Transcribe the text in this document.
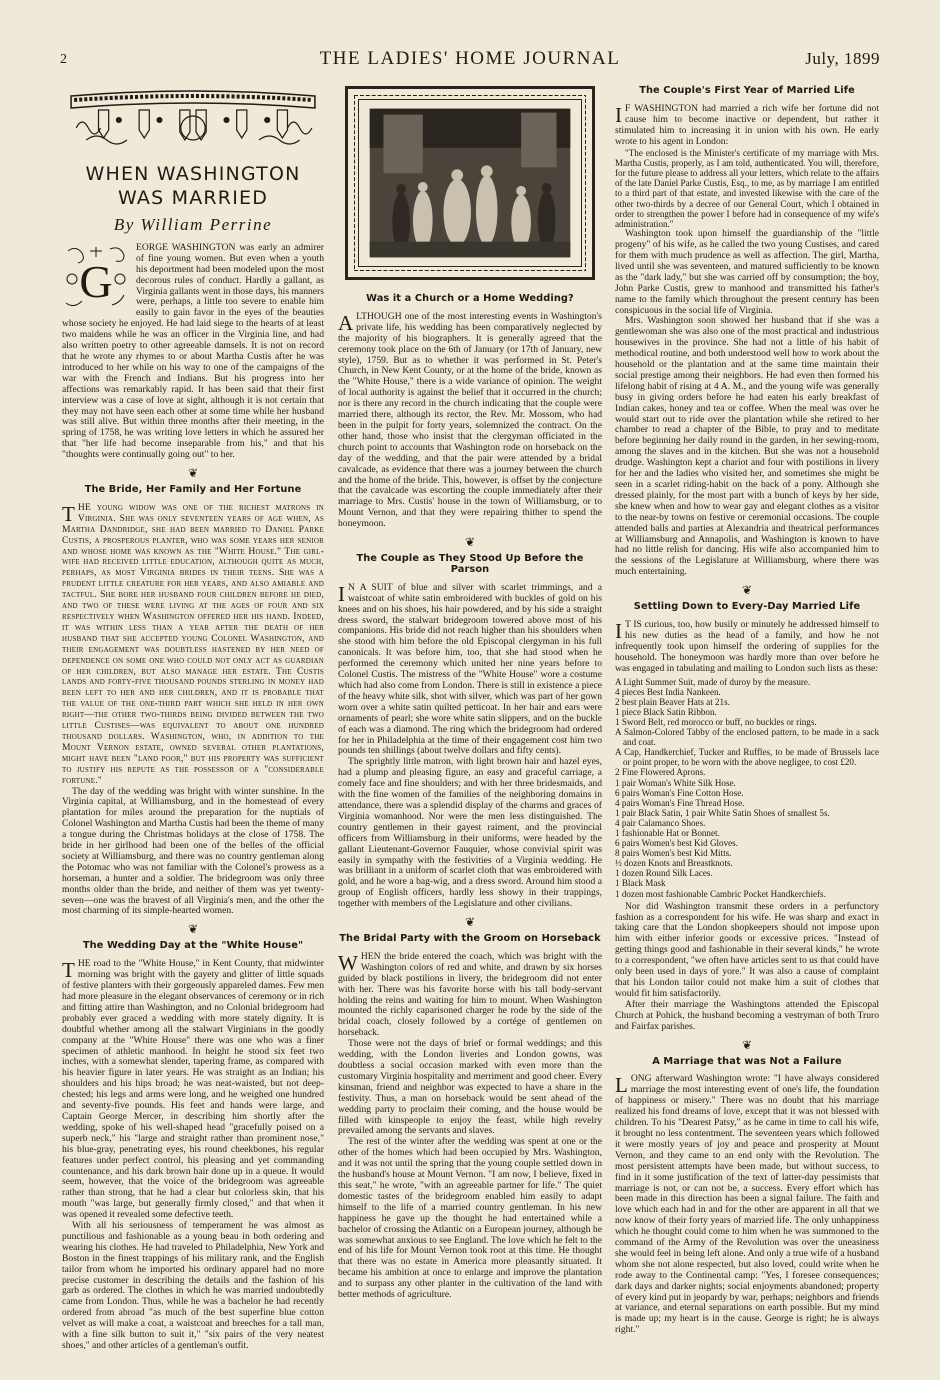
2	THE LADIES' HOME JOURNAL	July, 1899
WHEN WASHINGTON
WAS MARRIED
By William Perrine

G
EORGE WASHINGTON was early an admirer of fine young women. But even when a youth his deportment had been modeled upon the most decorous rules of conduct. Hardly a gallant, as Virginia gallants went in those days, his manners were, perhaps, a little too severe to enable him easily to gain favor in the eyes of the beauties whose society he enjoyed. He had laid siege to the hearts of at least two maidens while he was an officer in the Virginia line, and had also written poetry to other agreeable damsels. It is not on record that he wrote any rhymes to or about Martha Custis after he was introduced to her while on his way to one of the campaigns of the war with the French and Indians. But his progress into her affections was remarkably rapid. It has been said that their first interview was a case of love at sight, although it is not certain that they may not have seen each other at some time while her husband was still alive. But within three months after their meeting, in the spring of 1758, he was writing love letters in which he assured her that "her life had become inseparable from his," and that his "thoughts were continually going out" to her.

❦
The Bride, Her Family and Her Fortune

THE young widow was one of the richest matrons in Virginia. She was only seventeen years of age when, as Martha Dandridge, she had been married to Daniel Parke Custis, a prosperous planter, who was some years her senior and whose home was known as the "White House." The girl-wife had received little education, although quite as much, perhaps, as most Virginia brides in their teens. She was a prudent little creature for her years, and also amiable and tactful. She bore her husband four children before he died, and two of these were living at the ages of four and six respectively when Washington offered her his hand. Indeed, it was within less than a year after the death of her husband that she accepted young Colonel Washington, and their engagement was doubtless hastened by her need of dependence on some one who could not only act as guardian of her children, but also manage her estate. The Custis lands and forty-five thousand pounds sterling in money had been left to her and her children, and it is probable that the value of the one-third part which she held in her own right—the other two-thirds being divided between the two little Custises—was equivalent to about one hundred thousand dollars. Washington, who, in addition to the Mount Vernon estate, owned several other plantations, might have been "land poor," but his property was sufficient to justify his repute as the possessor of a "considerable fortune."

The day of the wedding was bright with winter sunshine. In the Virginia capital, at Williamsburg, and in the homestead of every plantation for miles around the preparation for the nuptials of Colonel Washington and Martha Custis had been the theme of many a tongue during the Christmas holidays at the close of 1758. The bride in her girlhood had been one of the belles of the official society at Williamsburg, and there was no country gentleman along the Potomac who was not familiar with the Colonel's prowess as a horseman, a hunter and a soldier. The bridegroom was only three months older than the bride, and neither of them was yet twenty-seven—one was the bravest of all Virginia's men, and the other the most charming of its simple-hearted women.

❦
The Wedding Day at the "White House"

THE road to the "White House," in Kent County, that midwinter morning was bright with the gayety and glitter of little squads of festive planters with their gorgeously appareled dames. Few men had more pleasure in the elegant observances of ceremony or in rich and fitting attire than Washington, and no Colonial bridegroom had probably ever graced a wedding with more stately dignity. It is doubtful whether among all the stalwart Virginians in the goodly company at the "White House" there was one who was a finer specimen of athletic manhood. In height he stood six feet two inches, with a somewhat slender, tapering frame, as compared with his heavier figure in later years. He was straight as an Indian; his shoulders and his hips broad; he was neat-waisted, but not deep-chested; his legs and arms were long, and he weighed one hundred and seventy-five pounds. His feet and hands were large, and Captain George Mercer, in describing him shortly after the wedding, spoke of his well-shaped head "gracefully poised on a superb neck," his "large and straight rather than prominent nose," his blue-gray, penetrating eyes, his round cheekbones, his regular features under perfect control, his pleasing and yet commanding countenance, and his dark brown hair done up in a queue. It would seem, however, that the voice of the bridegroom was agreeable rather than strong, that he had a clear but colorless skin, that his mouth "was large, but generally firmly closed," and that when it was opened it revealed some defective teeth.

With all his seriousness of temperament he was almost as punctilious and fashionable as a young beau in both ordering and wearing his clothes. He had traveled to Philadelphia, New York and Boston in the finest trappings of his military rank, and the English tailor from whom he imported his ordinary apparel had no more precise customer in describing the details and the fashion of his garb as ordered. The clothes in which he was married undoubtedly came from London. Thus, while he was a bachelor he had recently ordered from abroad "as much of the best superfine blue cotton velvet as will make a coat, a waistcoat and breeches for a tall man, with a fine silk button to suit it," "six pairs of the very neatest shoes," and other articles of a gentleman's outfit.

Was it a Church or a Home Wedding?

ALTHOUGH one of the most interesting events in Washington's private life, his wedding has been comparatively neglected by the majority of his biographers. It is generally agreed that the ceremony took place on the 6th of January (or 17th of January, new style), 1759. But as to whether it was performed in St. Peter's Church, in New Kent County, or at the home of the bride, known as the "White House," there is a wide variance of opinion. The weight of local authority is against the belief that it occurred in the church; nor is there any record in the church indicating that the couple were married there, although its rector, the Rev. Mr. Mossom, who had been in the pulpit for forty years, solemnized the contract. On the other hand, those who insist that the clergyman officiated in the church point to accounts that Washington rode on horseback on the day of the wedding, and that the pair were attended by a bridal cavalcade, as evidence that there was a journey between the church and the home of the bride. This, however, is offset by the conjecture that the cavalcade was escorting the couple immediately after their marriage to Mrs. Custis' house in the town of Williamsburg, or to Mount Vernon, and that they were repairing thither to spend the honeymoon.

❦
The Couple as They Stood Up Before the Parson

I N A SUIT of blue and silver with scarlet trimmings, and a waistcoat of white satin embroidered with buckles of gold on his knees and on his shoes, his hair powdered, and by his side a straight dress sword, the stalwart bridegroom towered above most of his companions. His bride did not reach higher than his shoulders when she stood with him before the old Episcopal clergyman in his full canonicals. It was before him, too, that she had stood when he performed the ceremony which united her nine years before to Colonel Custis. The mistress of the "White House" wore a costume which had also come from London. There is still in existence a piece of the heavy white silk, shot with silver, which was part of her gown worn over a white satin quilted petticoat. In her hair and ears were ornaments of pearl; she wore white satin slippers, and on the buckle of each was a diamond. The ring which the bridegroom had ordered for her in Philadelphia at the time of their engagement cost him two pounds ten shillings (about twelve dollars and fifty cents).

The sprightly little matron, with light brown hair and hazel eyes, had a plump and pleasing figure, an easy and graceful carriage, a comely face and fine shoulders; and with her three bridesmaids, and with the fine women of the families of the neighboring domains in attendance, there was a splendid display of the charms and graces of Virginia womanhood. Nor were the men less distinguished. The country gentlemen in their gayest raiment, and the provincial officers from Williamsburg in their uniforms, were headed by the gallant Lieutenant-Governor Fauquier, whose convivial spirit was easily in sympathy with the festivities of a Virginia wedding. He was brilliant in a uniform of scarlet cloth that was embroidered with gold, and he wore a bag-wig, and a dress sword. Around him stood a group of English officers, hardly less showy in their trappings, together with members of the Legislature and other civilians.

❦
The Bridal Party with the Groom on Horseback

WHEN the bride entered the coach, which was bright with the Washington colors of red and white, and drawn by six horses guided by black postilions in livery, the bridegroom did not enter with her. There was his favorite horse with his tall body-servant holding the reins and waiting for him to mount. When Washington mounted the richly caparisoned charger he rode by the side of the bridal coach, closely followed by a cortége of gentlemen on horseback.

Those were not the days of brief or formal weddings; and this wedding, with the London liveries and London gowns, was doubtless a social occasion marked with even more than the customary Virginia hospitality and merriment and good cheer. Every kinsman, friend and neighbor was expected to have a share in the festivity. Thus, a man on horseback would be sent ahead of the wedding party to proclaim their coming, and the house would be filled with kinspeople to enjoy the feast, while high revelry prevailed among the servants and slaves.

The rest of the winter after the wedding was spent at one or the other of the homes which had been occupied by Mrs. Washington, and it was not until the spring that the young couple settled down in the husband's house at Mount Vernon. "I am now, I believe, fixed in this seat," he wrote, "with an agreeable partner for life." The quiet domestic tastes of the bridegroom enabled him easily to adapt himself to the life of a married country gentleman. In his new happiness he gave up the thought he had entertained while a bachelor of crossing the Atlantic on a European journey, although he was somewhat anxious to see England. The love which he felt to the end of his life for Mount Vernon took root at this time. He thought that there was no estate in America more pleasantly situated. It became his ambition at once to enlarge and improve the plantation and to surpass any other planter in the cultivation of the land with better methods of agriculture.

The Couple's First Year of Married Life

I F WASHINGTON had married a rich wife her fortune did not cause him to become inactive or dependent, but rather it stimulated him to increasing it in union with his own. He early wrote to his agent in London:

"The enclosed is the Minister's certificate of my marriage with Mrs. Martha Custis, properly, as I am told, authenticated. You will, therefore, for the future please to address all your letters, which relate to the affairs of the late Daniel Parke Custis, Esq., to me, as by marriage I am entitled to a third part of that estate, and invested likewise with the care of the other two-thirds by a decree of our General Court, which I obtained in order to strengthen the power I before had in consequence of my wife's administration."

Washington took upon himself the guardianship of the "little progeny" of his wife, as he called the two young Custises, and cared for them with much prudence as well as affection. The girl, Martha, lived until she was seventeen, and matured sufficiently to be known as the "dark lady," but she was carried off by consumption; the boy, John Parke Custis, grew to manhood and transmitted his father's name to the family which throughout the present century has been conspicuous in the social life of Virginia.

Mrs. Washington soon showed her husband that if she was a gentlewoman she was also one of the most practical and industrious housewives in the province. She had not a little of his habit of methodical routine, and both understood well how to work about the household or the plantation and at the same time maintain their social prestige among their neighbors. He had even then formed his lifelong habit of rising at 4 A. M., and the young wife was generally busy in giving orders before he had eaten his early breakfast of Indian cakes, honey and tea or coffee. When the meal was over he would start out to ride over the plantation while she retired to her chamber to read a chapter of the Bible, to pray and to meditate before beginning her daily round in the garden, in her sewing-room, among the slaves and in the kitchen. But she was not a household drudge. Washington kept a chariot and four with postilions in livery for her and the ladies who visited her, and sometimes she might be seen in a scarlet riding-habit on the back of a pony. Although she dressed plainly, for the most part with a bunch of keys by her side, she knew when and how to wear gay and elegant clothes as a visitor to the near-by towns on festive or ceremonial occasions. The couple attended balls and parties at Alexandria and theatrical performances at Williamsburg and Annapolis, and Washington is known to have had no little relish for dancing. His wife also accompanied him to the sessions of the Legislature at Williamsburg, where there was much entertaining.

❦
Settling Down to Every-Day Married Life

I T IS curious, too, how busily or minutely he addressed himself to his new duties as the head of a family, and how he not infrequently took upon himself the ordering of supplies for the household. The honeymoon was hardly more than over before he was engaged in tabulating and mailing to London such lists as these:

A Light Summer Suit, made of duroy by the measure.
4 pieces Best India Nankeen.
2 best plain Beaver Hats at 21s.
1 piece Black Satin Ribbon.
1 Sword Belt, red morocco or buff, no buckles or rings.
A Salmon-Colored Tabby of the enclosed pattern, to be made in a sack and coat.
A Cap, Handkerchief, Tucker and Ruffles, to be made of Brussels lace or point proper, to be worn with the above negligee, to cost £20.
2 Fine Flowered Aprons.
1 pair Woman's White Silk Hose.
6 pairs Woman's Fine Cotton Hose.
4 pairs Woman's Fine Thread Hose.
1 pair Black Satin, 1 pair White Satin Shoes of smallest 5s.
4 pair Calamanco Shoes.
1 fashionable Hat or Bonnet.
6 pairs Women's best Kid Gloves.
8 pairs Women's best Kid Mitts.
½ dozen Knots and Breastknots.
1 dozen Round Silk Laces.
1 Black Mask
1 dozen most fashionable Cambric Pocket Handkerchiefs.

Nor did Washington transmit these orders in a perfunctory fashion as a correspondent for his wife. He was sharp and exact in taking care that the London shopkeepers should not impose upon him with either inferior goods or excessive prices. "Instead of getting things good and fashionable in their several kinds," he wrote to a correspondent, "we often have articles sent to us that could have only been used in days of yore." It was also a cause of complaint that his London tailor could not make him a suit of clothes that would fit him satisfactorily.

After their marriage the Washingtons attended the Episcopal Church at Pohick, the husband becoming a vestryman of both Truro and Fairfax parishes.

❦
A Marriage that was Not a Failure

LONG afterward Washington wrote: "I have always considered marriage the most interesting event of one's life, the foundation of happiness or misery." There was no doubt that his marriage realized his fond dreams of love, except that it was not blessed with children. To his "Dearest Patsy," as he came in time to call his wife, it brought no less contentment. The seventeen years which followed it were mostly years of joy and peace and prosperity at Mount Vernon, and they came to an end only with the Revolution. The most persistent attempts have been made, but without success, to find in it some justification of the text of latter-day pessimists that marriage is not, or can not be, a success. Every effort which has been made in this direction has been a signal failure. The faith and love which each had in and for the other are apparent in all that we now know of their forty years of married life. The only unhappiness which he thought could come to him when he was summoned to the command of the Army of the Revolution was over the uneasiness she would feel in being left alone. And only a true wife of a husband whom she not alone respected, but also loved, could write when he rode away to the Continental camp: "Yes, I foresee consequences; dark days and darker nights; social enjoyments abandoned; property of every kind put in jeopardy by war, perhaps; neighbors and friends at variance, and eternal separations on earth possible. But my mind is made up; my heart is in the cause. George is right; he is always right."
